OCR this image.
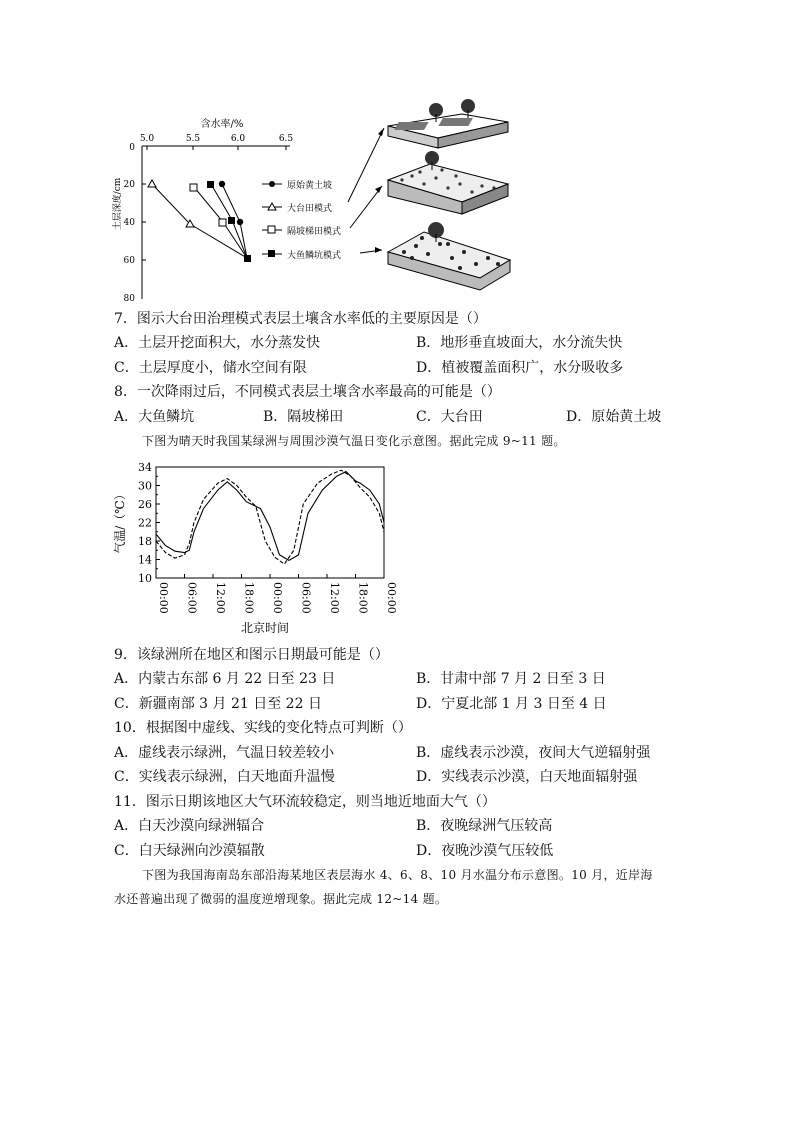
含水率/%
5.0	5.5	6.0	6.5
0
20
40
60
80
土层深度/cm	原始黄土坡
大台田模式
隔坡梯田模式
大鱼鳞坑模式
7．图示大台田治理模式表层土壤含水率低的主要原因是（）
A．土层开挖面积大，水分蒸发快	B．地形垂直坡面大，水分流失快
C．土层厚度小，储水空间有限	D．植被覆盖面积广，水分吸收多
8．一次降雨过后，不同模式表层土壤含水率最高的可能是（）
A．大鱼鳞坑	B．隔坡梯田	C．大台田	D．原始黄土坡
下图为晴天时我国某绿洲与周围沙漠气温日变化示意图。据此完成 9~11 题。
气温/（℃）
北京时间
10
14
18
22
26
30
34
00:00 06:00 12:00 18:00 00:00 06:00 12:00 18:00 00:00
9．该绿洲所在地区和图示日期最可能是（）
A．内蒙古东部 6 月 22 日至 23 日	B．甘肃中部 7 月 2 日至 3 日
C．新疆南部 3 月 21 日至 22 日	D．宁夏北部 1 月 3 日至 4 日
10．根据图中虚线、实线的变化特点可判断（）
A．虚线表示绿洲，气温日较差较小	B．虚线表示沙漠，夜间大气逆辐射强
C．实线表示绿洲，白天地面升温慢	D．实线表示沙漠，白天地面辐射强
11．图示日期该地区大气环流较稳定，则当地近地面大气（）
A．白天沙漠向绿洲辐合	B．夜晚绿洲气压较高
C．白天绿洲向沙漠辐散	D．夜晚沙漠气压较低
下图为我国海南岛东部沿海某地区表层海水 4、6、8、10 月水温分布示意图。10 月，近岸海
水还普遍出现了微弱的温度逆增现象。据此完成 12~14 题。
